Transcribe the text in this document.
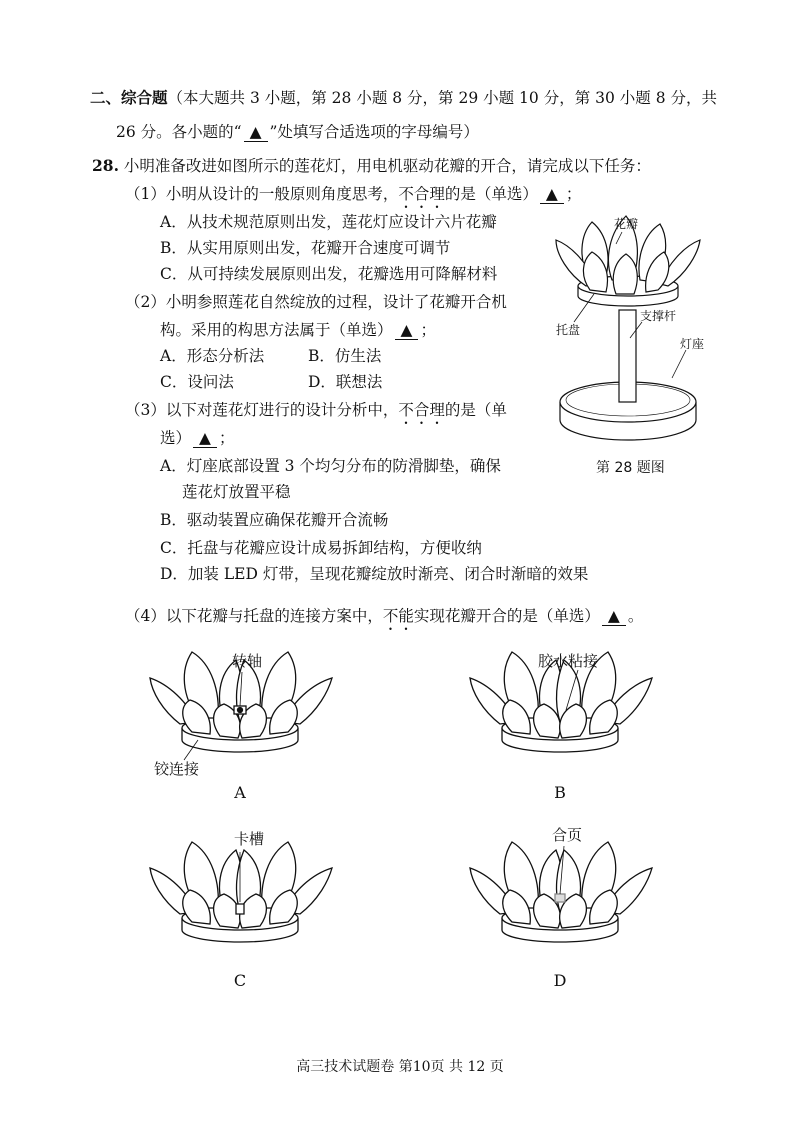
二、综合题（本大题共 3 小题，第 28 小题 8 分，第 29 小题 10 分，第 30 小题 8 分，共
26 分。各小题的“ ▲ ”处填写合适选项的字母编号）
28. 小明准备改进如图所示的莲花灯，用电机驱动花瓣的开合，请完成以下任务：
（1）小明从设计的一般原则角度思考，不合理的是（单选） ▲ ；
A．从技术规范原则出发，莲花灯应设计六片花瓣
B．从实用原则出发，花瓣开合速度可调节
C．从可持续发展原则出发，花瓣选用可降解材料
（2）小明参照莲花自然绽放的过程，设计了花瓣开合机
构。采用的构思方法属于（单选） ▲ ；
A．形态分析法	B．仿生法
C．设问法	D．联想法
（3）以下对莲花灯进行的设计分析中，不合理的是（单
选） ▲ ；
A．灯座底部设置 3 个均匀分布的防滑脚垫，确保
莲花灯放置平稳
B．驱动装置应确保花瓣开合流畅
C．托盘与花瓣应设计成易拆卸结构，方便收纳
D．加装 LED 灯带，呈现花瓣绽放时渐亮、闭合时渐暗的效果
（4）以下花瓣与托盘的连接方案中，不能实现花瓣开合的是（单选） ▲ 。
花瓣
托盘
支撑杆
灯座
第 28 题图
转轴
铰连接
A
胶水粘接
B
卡槽
C
合页
D
高三技术试题卷 第10页 共 12 页
